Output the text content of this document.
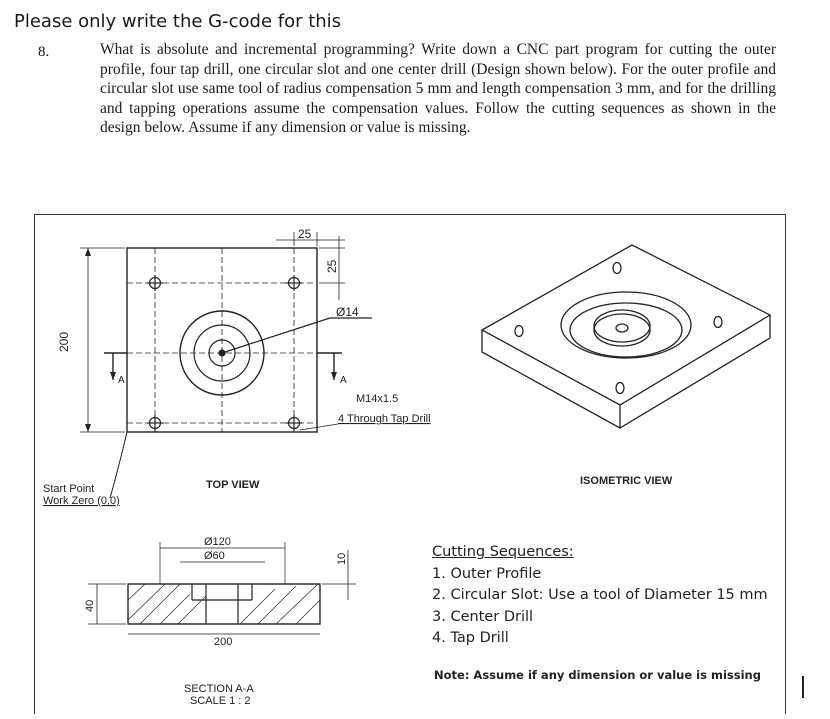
Please only write the G-code for this
8.	What is absolute and incremental programming? Write down a CNC part program for cutting the outer profile, four tap drill, one circular slot and one center drill (Design shown below). For the outer profile and circular slot use same tool of radius compensation 5 mm and length compensation 3 mm, and for the drilling and tapping operations assume the compensation values. Follow the cutting sequences as shown in the design below. Assume if any dimension or value is missing.
200
25
25
Ø14
A	A
M14x1.5
4 Through Tap Drill
Start Point
Work Zero (0,0)
TOP VIEW	ISOMETRIC VIEW
Ø120
Ø60	10
40
200
SECTION A-A
SCALE 1 : 2
Cutting Sequences:
1. Outer Profile
2. Circular Slot: Use a tool of Diameter 15 mm
3. Center Drill
4. Tap Drill
Note: Assume if any dimension or value is missing
